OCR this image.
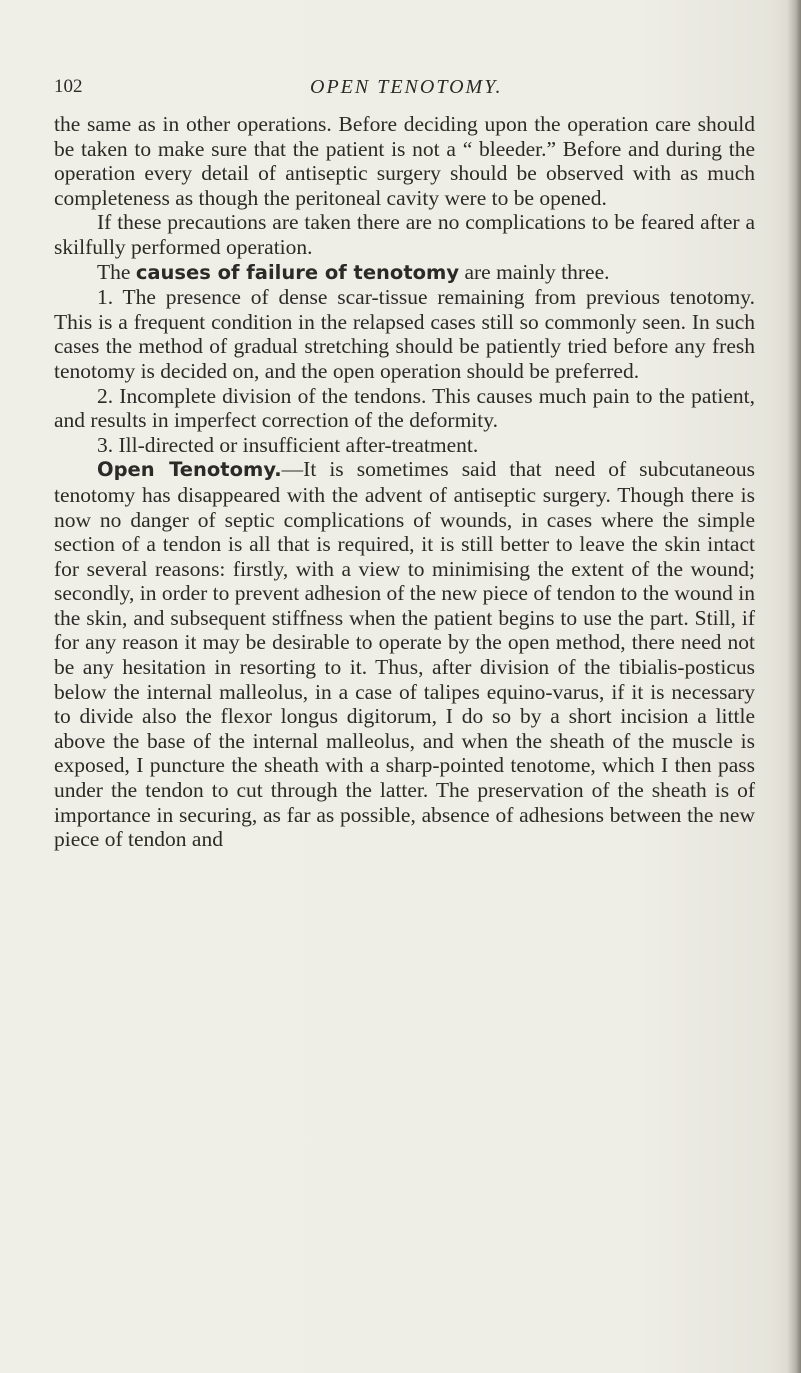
102	OPEN TENOTOMY.

the same as in other operations. Before deciding upon the operation care should be taken to make sure that the patient is not a “ bleeder.” Before and during the operation every detail of antiseptic surgery should be observed with as much completeness as though the peritoneal cavity were to be opened.

If these precautions are taken there are no complications to be feared after a skilfully performed operation.

The causes of failure of tenotomy are mainly three.

1. The presence of dense scar-tissue remaining from previous tenotomy. This is a frequent condition in the relapsed cases still so commonly seen. In such cases the method of gradual stretching should be patiently tried before any fresh tenotomy is decided on, and the open operation should be preferred.

2. Incomplete division of the tendons. This causes much pain to the patient, and results in imperfect correction of the deformity.

3. Ill-directed or insufficient after-treatment.

Open Tenotomy.—It is sometimes said that need of subcutaneous tenotomy has disappeared with the advent of antiseptic surgery. Though there is now no danger of septic complications of wounds, in cases where the simple section of a tendon is all that is required, it is still better to leave the skin intact for several reasons: firstly, with a view to minimising the extent of the wound; secondly, in order to prevent adhesion of the new piece of tendon to the wound in the skin, and subsequent stiffness when the patient begins to use the part. Still, if for any reason it may be desirable to operate by the open method, there need not be any hesitation in resorting to it. Thus, after division of the tibialis-posticus below the internal malleolus, in a case of talipes equino-varus, if it is necessary to divide also the flexor longus digitorum, I do so by a short incision a little above the base of the internal malleolus, and when the sheath of the muscle is exposed, I puncture the sheath with a sharp-pointed tenotome, which I then pass under the tendon to cut through the latter. The preservation of the sheath is of importance in securing, as far as possible, absence of adhesions between the new piece of tendon and
